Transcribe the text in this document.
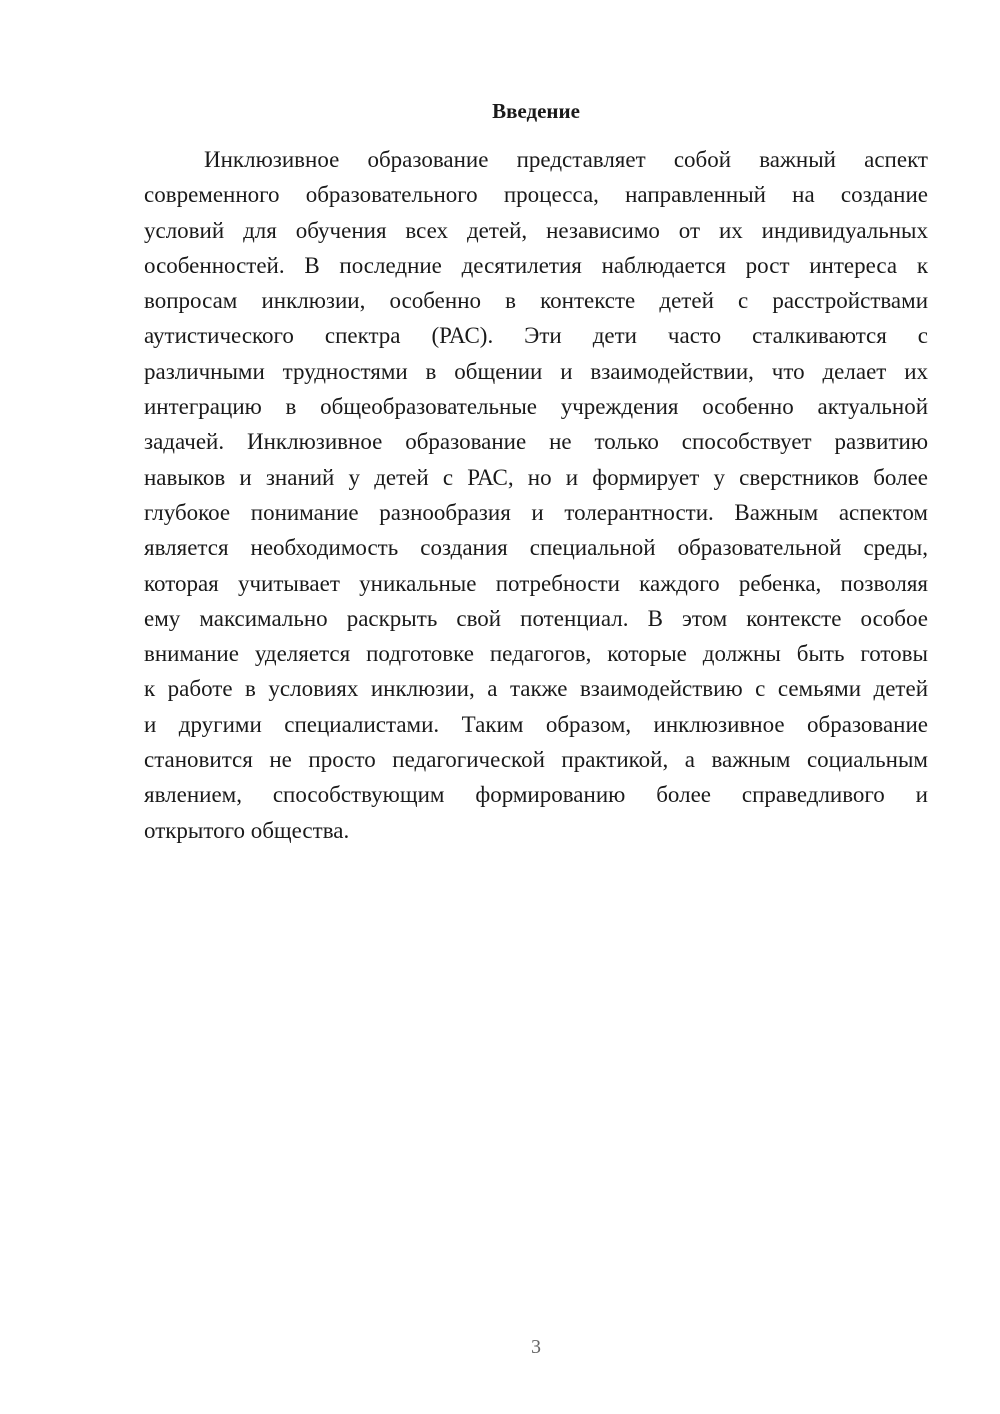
Введение
Инклюзивное образование представляет собой важный аспект
современного образовательного процесса, направленный на создание
условий для обучения всех детей, независимо от их индивидуальных
особенностей. В последние десятилетия наблюдается рост интереса к
вопросам инклюзии, особенно в контексте детей с расстройствами
аутистического спектра (РАС). Эти дети часто сталкиваются с
различными трудностями в общении и взаимодействии, что делает их
интеграцию в общеобразовательные учреждения особенно актуальной
задачей. Инклюзивное образование не только способствует развитию
навыков и знаний у детей с РАС, но и формирует у сверстников более
глубокое понимание разнообразия и толерантности. Важным аспектом
является необходимость создания специальной образовательной среды,
которая учитывает уникальные потребности каждого ребенка, позволяя
ему максимально раскрыть свой потенциал. В этом контексте особое
внимание уделяется подготовке педагогов, которые должны быть готовы
к работе в условиях инклюзии, а также взаимодействию с семьями детей
и другими специалистами. Таким образом, инклюзивное образование
становится не просто педагогической практикой, а важным социальным
явлением, способствующим формированию более справедливого и
открытого общества.
3
